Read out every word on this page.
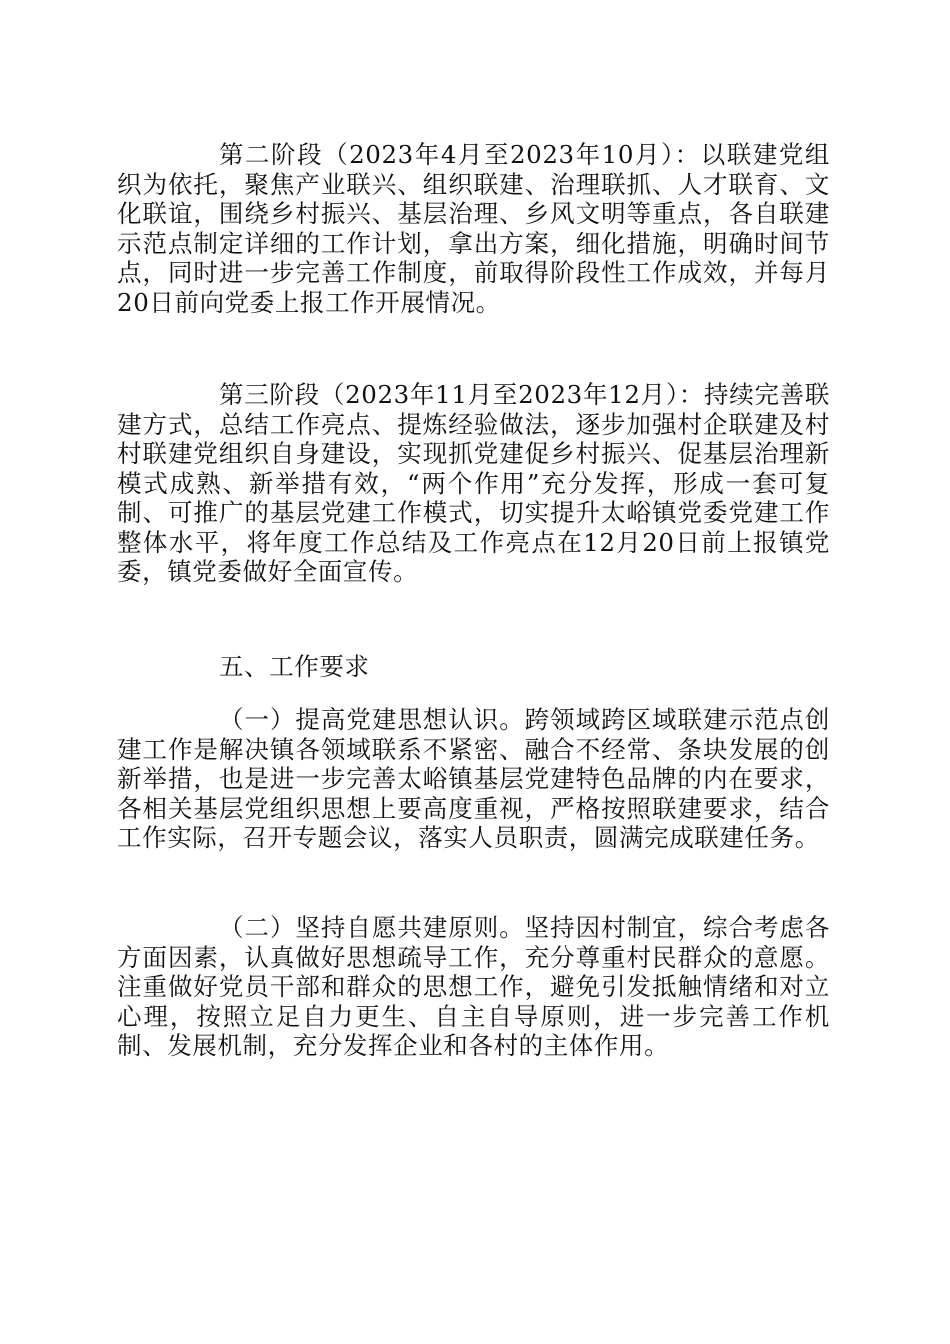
第二阶段（2023年4月至2023年10月）：以联建党组织为依托，聚焦产业联兴、组织联建、治理联抓、人才联育、文化联谊，围绕乡村振兴、基层治理、乡风文明等重点，各自联建示范点制定详细的工作计划，拿出方案，细化措施，明确时间节点，同时进一步完善工作制度，前取得阶段性工作成效，并每月20日前向党委上报工作开展情况。

第三阶段（2023年11月至2023年12月）：持续完善联建方式，总结工作亮点、提炼经验做法，逐步加强村企联建及村村联建党组织自身建设，实现抓党建促乡村振兴、促基层治理新模式成熟、新举措有效，“两个作用”充分发挥，形成一套可复制、可推广的基层党建工作模式，切实提升太峪镇党委党建工作整体水平，将年度工作总结及工作亮点在12月20日前上报镇党委，镇党委做好全面宣传。

五、工作要求

（一）提高党建思想认识。跨领域跨区域联建示范点创建工作是解决镇各领域联系不紧密、融合不经常、条块发展的创新举措，也是进一步完善太峪镇基层党建特色品牌的内在要求，各相关基层党组织思想上要高度重视，严格按照联建要求，结合工作实际，召开专题会议，落实人员职责，圆满完成联建任务。

（二）坚持自愿共建原则。坚持因村制宜，综合考虑各方面因素，认真做好思想疏导工作，充分尊重村民群众的意愿。注重做好党员干部和群众的思想工作，避免引发抵触情绪和对立心理，按照立足自力更生、自主自导原则，进一步完善工作机制、发展机制，充分发挥企业和各村的主体作用。
